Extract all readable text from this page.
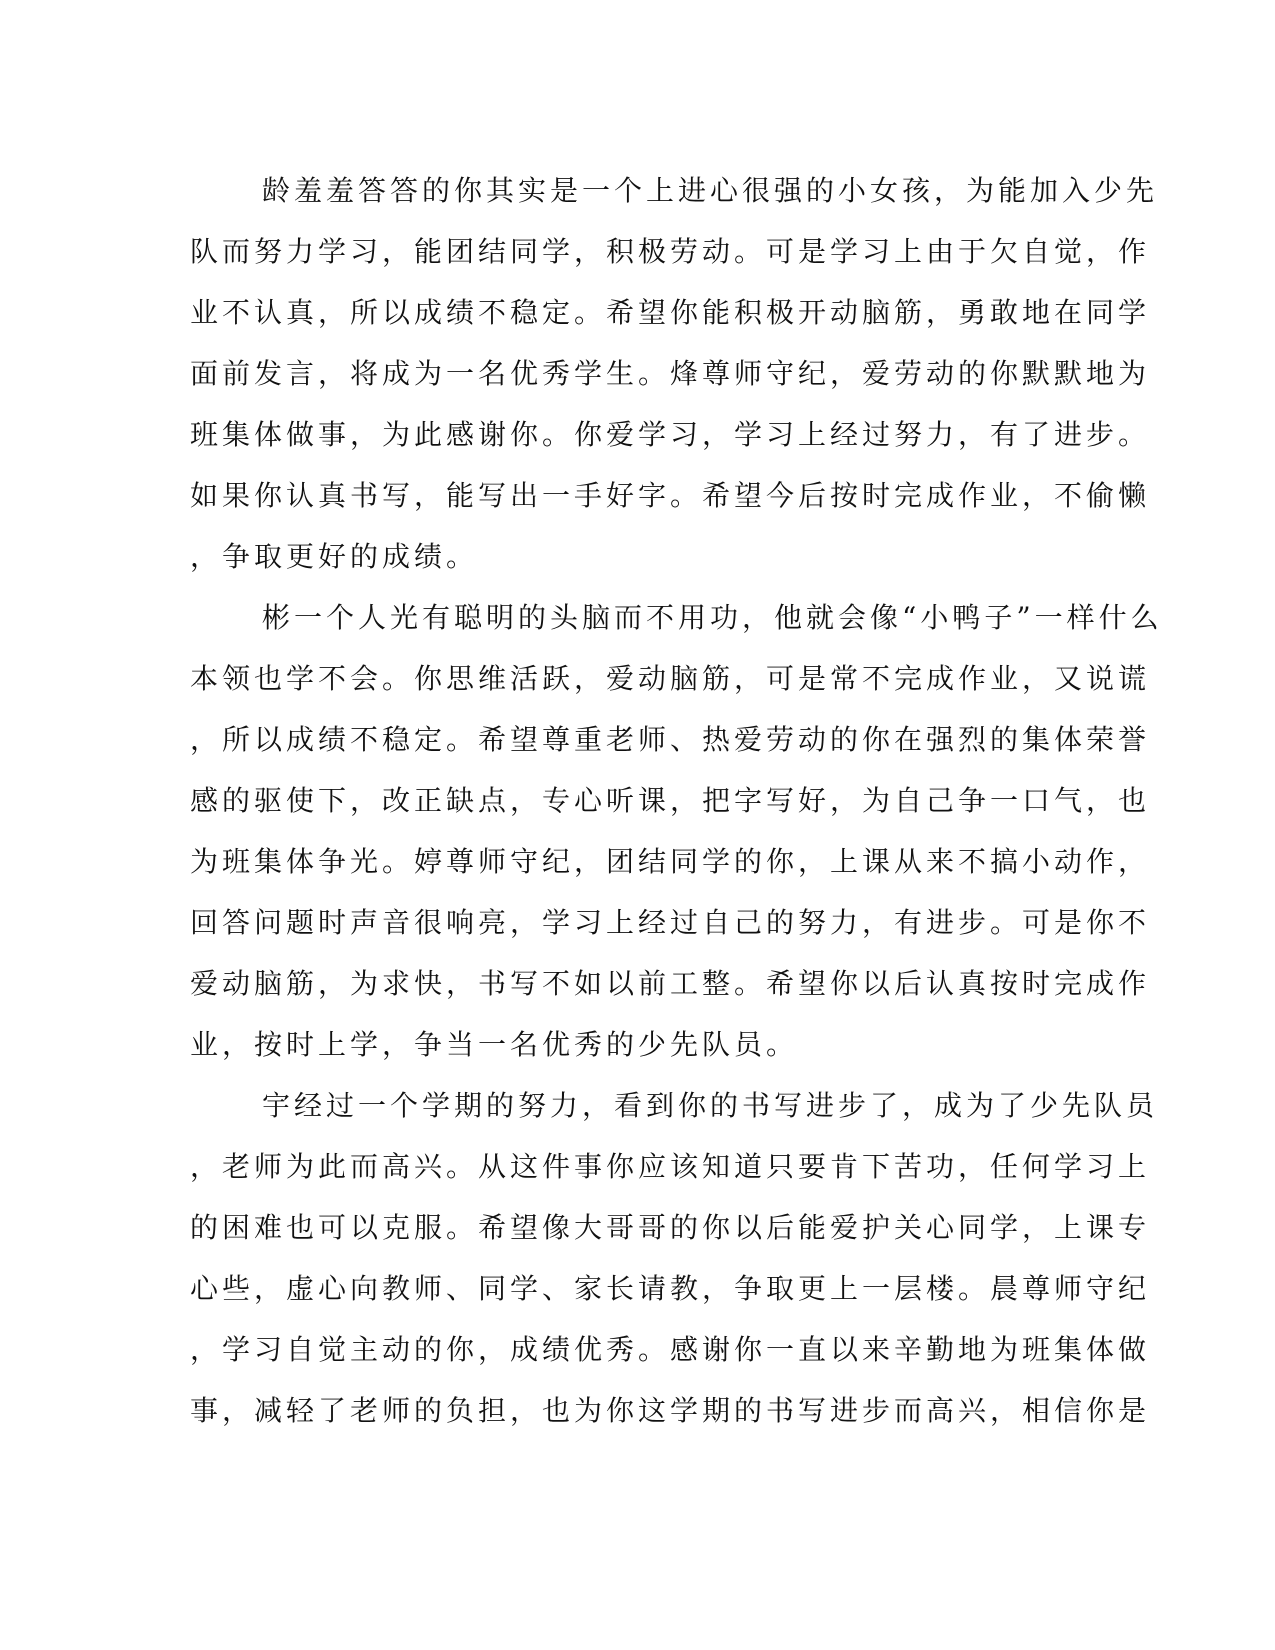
龄羞羞答答的你其实是一个上进心很强的小女孩，为能加入少先
队而努力学习，能团结同学，积极劳动。可是学习上由于欠自觉，作
业不认真，所以成绩不稳定。希望你能积极开动脑筋，勇敢地在同学
面前发言，将成为一名优秀学生。烽尊师守纪，爱劳动的你默默地为
班集体做事，为此感谢你。你爱学习，学习上经过努力，有了进步。
如果你认真书写，能写出一手好字。希望今后按时完成作业，不偷懒
，争取更好的成绩。
彬一个人光有聪明的头脑而不用功，他就会像“小鸭子”一样什么
本领也学不会。你思维活跃，爱动脑筋，可是常不完成作业，又说谎
，所以成绩不稳定。希望尊重老师、热爱劳动的你在强烈的集体荣誉
感的驱使下，改正缺点，专心听课，把字写好，为自己争一口气，也
为班集体争光。婷尊师守纪，团结同学的你，上课从来不搞小动作，
回答问题时声音很响亮，学习上经过自己的努力，有进步。可是你不
爱动脑筋，为求快，书写不如以前工整。希望你以后认真按时完成作
业，按时上学，争当一名优秀的少先队员。
宇经过一个学期的努力，看到你的书写进步了，成为了少先队员
，老师为此而高兴。从这件事你应该知道只要肯下苦功，任何学习上
的困难也可以克服。希望像大哥哥的你以后能爱护关心同学，上课专
心些，虚心向教师、同学、家长请教，争取更上一层楼。晨尊师守纪
，学习自觉主动的你，成绩优秀。感谢你一直以来辛勤地为班集体做
事，减轻了老师的负担，也为你这学期的书写进步而高兴，相信你是
